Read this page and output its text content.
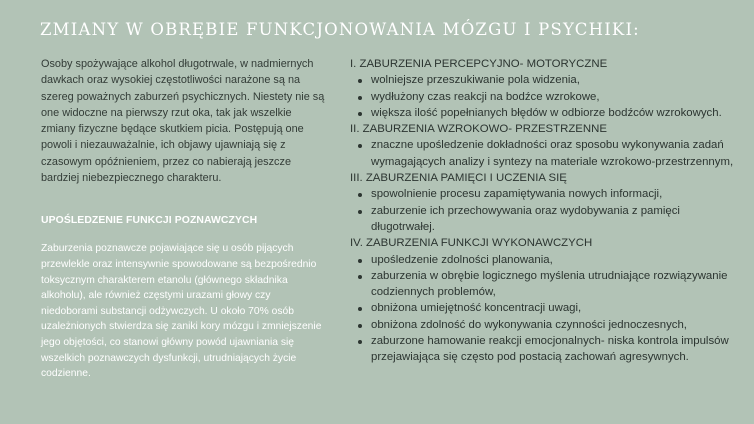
ZMIANY W OBRĘBIE FUNKCJONOWANIA MÓZGU I PSYCHIKI:
Osoby spożywające alkohol długotrwale, w nadmiernych dawkach oraz wysokiej częstotliwości narażone są na szereg poważnych zaburzeń psychicznych. Niestety nie są one widoczne na pierwszy rzut oka, tak jak wszelkie zmiany fizyczne będące skutkiem picia. Postępują one powoli i niezauważalnie, ich objawy ujawniają się z czasowym opóźnieniem, przez co nabierają jeszcze bardziej niebezpiecznego charakteru.
UPOŚLEDZENIE FUNKCJI POZNAWCZYCH
Zaburzenia poznawcze pojawiające się u osób pijących przewlekle oraz intensywnie spowodowane są bezpośrednio toksycznym charakterem etanolu (głównego składnika alkoholu), ale również częstymi urazami głowy czy niedoborami substancji odżywczych. U około 70% osób uzależnionych stwierdza się zaniki kory mózgu i zmniejszenie jego objętości, co stanowi główny powód ujawniania się wszelkich poznawczych dysfunkcji, utrudniających życie codzienne.
I. ZABURZENIA PERCEPCYJNO- MOTORYCZNE
wolniejsze przeszukiwanie pola widzenia,
wydłużony czas reakcji na bodźce wzrokowe,
większa ilość popełnianych błędów w odbiorze bodźców wzrokowych.
II. ZABURZENIA WZROKOWO- PRZESTRZENNE
znaczne upośledzenie dokładności oraz sposobu wykonywania zadań wymagających analizy i syntezy na materiale wzrokowo-przestrzennym,
III. ZABURZENIA PAMIĘCI I UCZENIA SIĘ
spowolnienie procesu zapamiętywania nowych informacji,
zaburzenie ich przechowywania oraz wydobywania z pamięci długotrwałej.
IV. ZABURZENIA FUNKCJI WYKONAWCZYCH
upośledzenie zdolności planowania,
zaburzenia w obrębie logicznego myślenia utrudniające rozwiązywanie codziennych problemów,
obniżona umiejętność koncentracji uwagi,
obniżona zdolność do wykonywania czynności jednoczesnych,
zaburzone hamowanie reakcji emocjonalnych- niska kontrola impulsów przejawiająca się często pod postacią zachowań agresywnych.
